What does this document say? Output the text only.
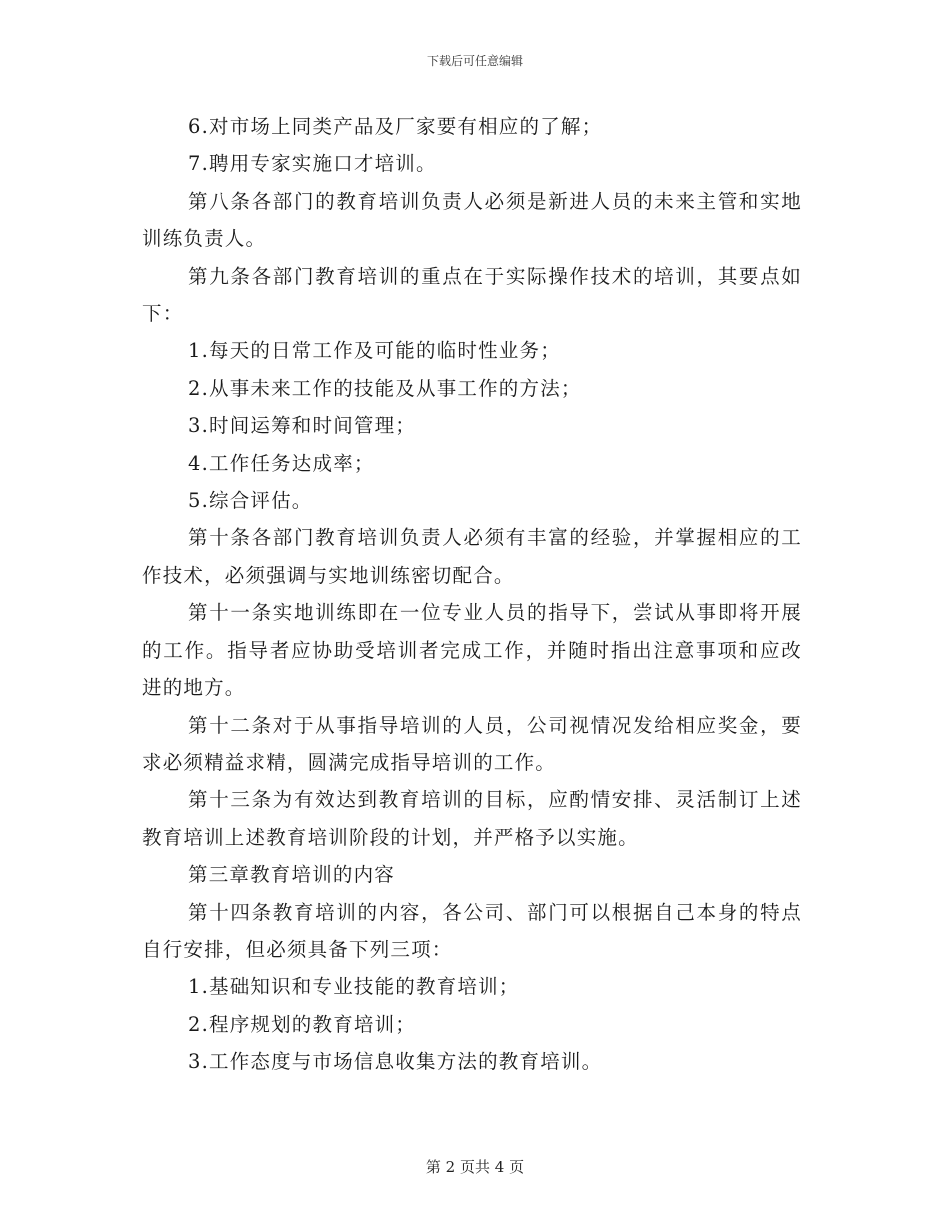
下载后可任意编辑

6.对市场上同类产品及厂家要有相应的了解；

7.聘用专家实施口才培训。

第八条各部门的教育培训负责人必须是新进人员的未来主管和实地训练负责人。

第九条各部门教育培训的重点在于实际操作技术的培训，其要点如下：

1.每天的日常工作及可能的临时性业务；

2.从事未来工作的技能及从事工作的方法；

3.时间运筹和时间管理；

4.工作任务达成率；

5.综合评估。

第十条各部门教育培训负责人必须有丰富的经验，并掌握相应的工作技术，必须强调与实地训练密切配合。

第十一条实地训练即在一位专业人员的指导下，尝试从事即将开展的工作。指导者应协助受培训者完成工作，并随时指出注意事项和应改进的地方。

第十二条对于从事指导培训的人员，公司视情况发给相应奖金，要求必须精益求精，圆满完成指导培训的工作。

第十三条为有效达到教育培训的目标，应酌情安排、灵活制订上述教育培训上述教育培训阶段的计划，并严格予以实施。

第三章教育培训的内容

第十四条教育培训的内容，各公司、部门可以根据自己本身的特点自行安排，但必须具备下列三项：

1.基础知识和专业技能的教育培训；

2.程序规划的教育培训；

3.工作态度与市场信息收集方法的教育培训。

第 2 页共 4 页
